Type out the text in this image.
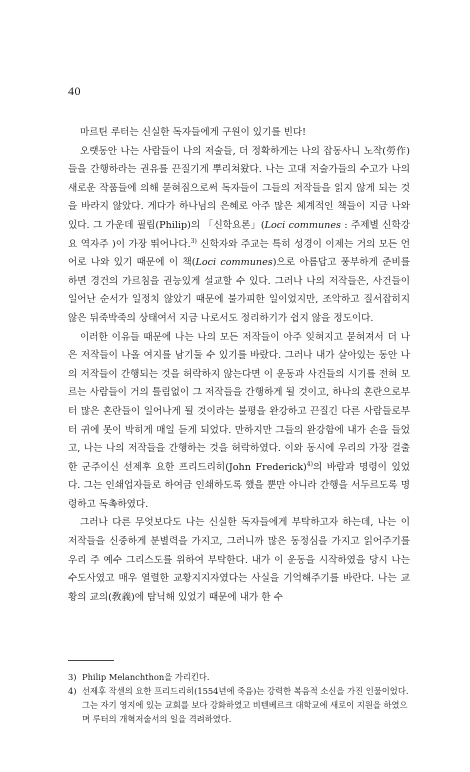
40

마르틴 루터는 신실한 독자들에게 구원이 있기를 빈다!

오랫동안 나는 사람들이 나의 저술들, 더 정확하게는 나의 잡동사니 노작(勞作)들을 간행하라는 권유를 끈질기게 뿌리쳐왔다. 나는 고대 저술가들의 수고가 나의 새로운 작품들에 의해 묻혀짐으로써 독자들이 그들의 저작들을 읽지 않게 되는 것을 바라지 않았다. 게다가 하나님의 은혜로 아주 많은 체계적인 책들이 지금 나와 있다. 그 가운데 필립(Philip)의 「신학요론」(Loci communes : 주제별 신학강요 역자주 )이 가장 뛰어나다.$^{3)}$ 신학자와 주교는 특히 성경이 이제는 거의 모든 언어로 나와 있기 때문에 이 책(Loci communes)으로 아름답고 풍부하게 준비를 하면 경건의 가르침을 권능있게 설교할 수 있다. 그러나 나의 저작들은, 사건들이 일어난 순서가 일정치 않았기 때문에 불가피한 일이었지만, 조악하고 질서잡히지 않은 뒤죽박죽의 상태여서 지금 나로서도 정리하기가 쉽지 않을 정도이다.

이러한 이유들 때문에 나는 나의 모든 저작들이 아주 잊혀지고 묻혀져서 더 나은 저작들이 나올 여지를 남기둘 수 있기를 바랐다. 그러나 내가 살아있는 동안 나의 저작들이 간행되는 것을 허락하지 않는다면 이 운동과 사건들의 시기를 전혀 모르는 사람들이 거의 틀림없이 그 저작들을 간행하게 될 것이고, 하나의 혼란으로부터 많은 혼란들이 일어나게 될 것이라는 불평을 완강하고 끈질긴 다른 사람들로부터 귀에 못이 박히게 매일 듣게 되었다. 만하지만 그들의 완강함에 내가 손을 들었고, 나는 나의 저작들을 간행하는 것을 허락하였다. 이와 동시에 우리의 가장 걸출한 군주이신 선제후 요한 프리드리히(John Frederick)$^{4)}$의 바람과 명령이 있었다. 그는 인쇄업자들로 하여금 인쇄하도록 했을 뿐만 아니라 간행을 서두르도록 명령하고 독촉하였다.

그러나 다른 무엇보다도 나는 신실한 독자들에게 부탁하고자 하는데, 나는 이 저작들을 신중하게 분별력을 가지고, 그러니까 많은 동정심을 가지고 읽어주기를 우리 주 예수 그리스도를 위하여 부탁한다. 내가 이 운동을 시작하였을 당시 나는 수도사였고 매우 열렬한 교황지지자였다는 사실을 기억해주기를 바란다. 나는 교황의 교의(敎義)에 탐닉해 있었기 때문에 내가 한 수

3) Philip Melanchthon을 가리킨다.
4) 선제후 작센의 요한 프리드리히(1554년에 죽음)는 강력한 복음적 소신을 가진 인물이었다. 그는 자기 영지에 있는 교회를 보다 강화하였고 비텐베르크 대학교에 새로이 지원을 하였으며 루터의 개혁저술서의 일을 격려하였다.
